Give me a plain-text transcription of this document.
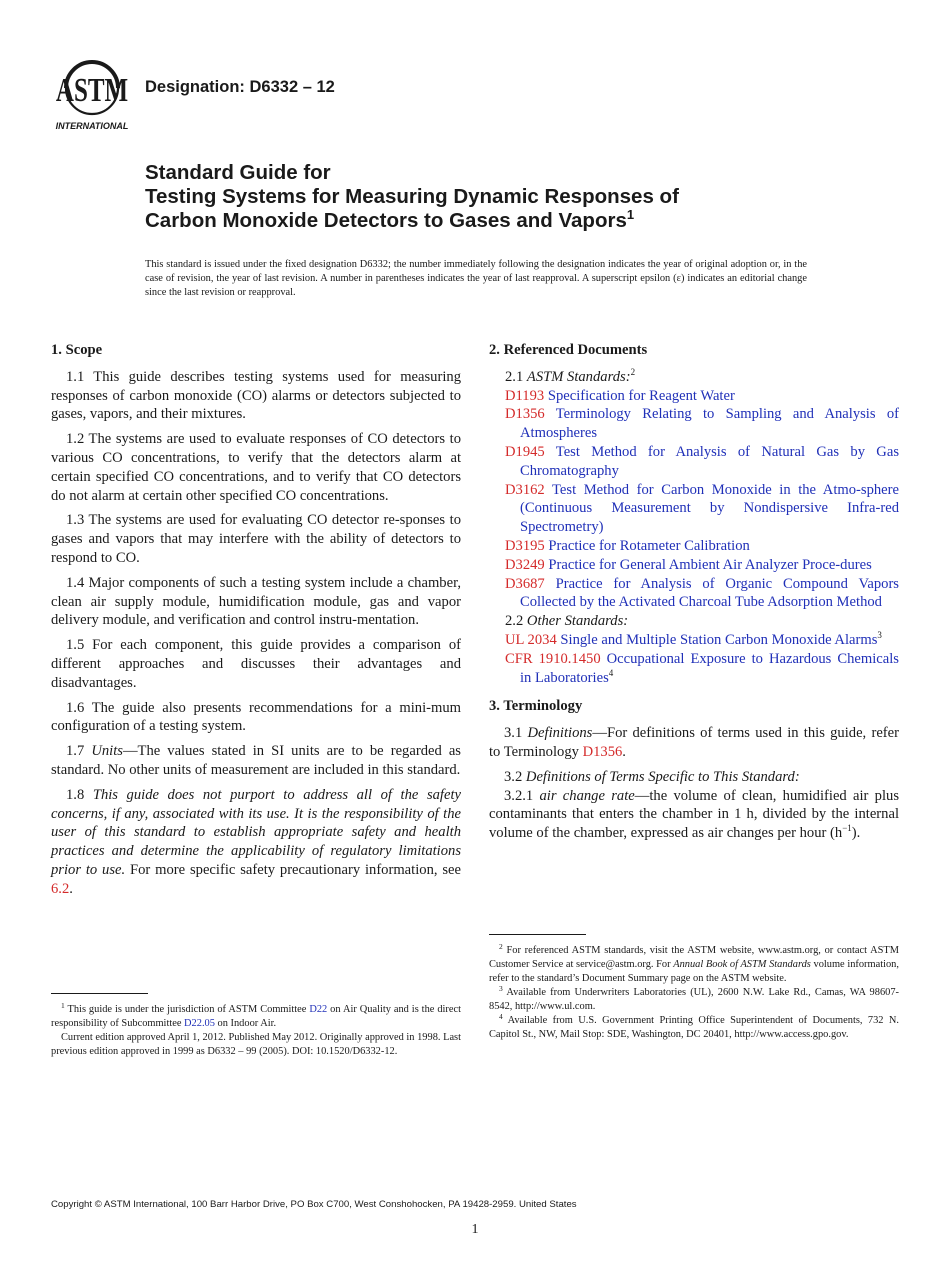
ASTM
INTERNATIONAL
Designation: D6332 – 12
Standard Guide for
Testing Systems for Measuring Dynamic Responses of
Carbon Monoxide Detectors to Gases and Vapors$^1$
This standard is issued under the fixed designation D6332; the number immediately following the designation indicates the year of original adoption or, in the case of revision, the year of last revision. A number in parentheses indicates the year of last reapproval. A superscript epsilon (ε) indicates an editorial change since the last revision or reapproval.
1. Scope

1.1 This guide describes testing systems used for measuring responses of carbon monoxide (CO) alarms or detectors subjected to gases, vapors, and their mixtures.

1.2 The systems are used to evaluate responses of CO detectors to various CO concentrations, to verify that the detectors alarm at certain specified CO concentrations, and to verify that CO detectors do not alarm at certain other specified CO concentrations.

1.3 The systems are used for evaluating CO detector re-sponses to gases and vapors that may interfere with the ability of detectors to respond to CO.

1.4 Major components of such a testing system include a chamber, clean air supply module, humidification module, gas and vapor delivery module, and verification and control instru-mentation.

1.5 For each component, this guide provides a comparison of different approaches and discusses their advantages and disadvantages.

1.6 The guide also presents recommendations for a mini-mum configuration of a testing system.

1.7 Units—The values stated in SI units are to be regarded as standard. No other units of measurement are included in this standard.

1.8 This guide does not purport to address all of the safety concerns, if any, associated with its use. It is the responsibility of the user of this standard to establish appropriate safety and health practices and determine the applicability of regulatory limitations prior to use. For more specific safety precautionary information, see 6.2.

2. Referenced Documents
2.1 ASTM Standards:$^2$
D1193 Specification for Reagent Water
D1356 Terminology Relating to Sampling and Analysis of Atmospheres
D1945 Test Method for Analysis of Natural Gas by Gas Chromatography
D3162 Test Method for Carbon Monoxide in the Atmo-sphere (Continuous Measurement by Nondispersive Infra-red Spectrometry)
D3195 Practice for Rotameter Calibration
D3249 Practice for General Ambient Air Analyzer Proce-dures
D3687 Practice for Analysis of Organic Compound Vapors Collected by the Activated Charcoal Tube Adsorption Method
2.2 Other Standards:
UL 2034 Single and Multiple Station Carbon Monoxide Alarms$^3$
CFR 1910.1450 Occupational Exposure to Hazardous Chemicals in Laboratories$^4$
3. Terminology

3.1 Definitions—For definitions of terms used in this guide, refer to Terminology D1356.

3.2 Definitions of Terms Specific to This Standard:

3.2.1 air change rate—the volume of clean, humidified air plus contaminants that enters the chamber in 1 h, divided by the internal volume of the chamber, expressed as air changes per hour (h$^{-1}$).

$^1$ This guide is under the jurisdiction of ASTM Committee D22 on Air Quality and is the direct responsibility of Subcommittee D22.05 on Indoor Air.

Current edition approved April 1, 2012. Published May 2012. Originally approved in 1998. Last previous edition approved in 1999 as D6332 – 99 (2005). DOI: 10.1520/D6332-12.

$^2$ For referenced ASTM standards, visit the ASTM website, www.astm.org, or contact ASTM Customer Service at service@astm.org. For Annual Book of ASTM Standards volume information, refer to the standard’s Document Summary page on the ASTM website.

$^3$ Available from Underwriters Laboratories (UL), 2600 N.W. Lake Rd., Camas, WA 98607-8542, http://www.ul.com.

$^4$ Available from U.S. Government Printing Office Superintendent of Documents, 732 N. Capitol St., NW, Mail Stop: SDE, Washington, DC 20401, http://www.access.gpo.gov.

Copyright © ASTM International, 100 Barr Harbor Drive, PO Box C700, West Conshohocken, PA 19428-2959. United States
1
